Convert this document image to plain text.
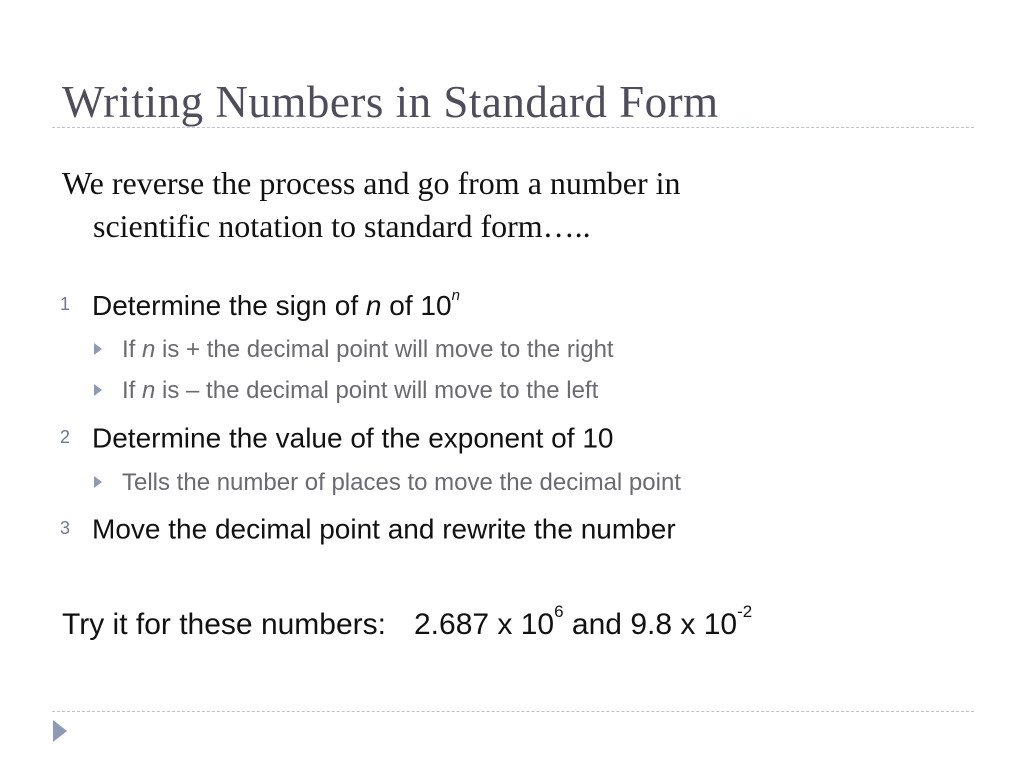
Writing Numbers in Standard Form
We reverse the process and go from a number in
scientific notation to standard form…..
1 Determine the sign of n of 10$^n$
If n is + the decimal point will move to the right
If n is – the decimal point will move to the left
2 Determine the value of the exponent of 10
Tells the number of places to move the decimal point
3 Move the decimal point and rewrite the number
Try it for these numbers: 2.687 x $10^6$ and 9.8 x $10^{-2}$
